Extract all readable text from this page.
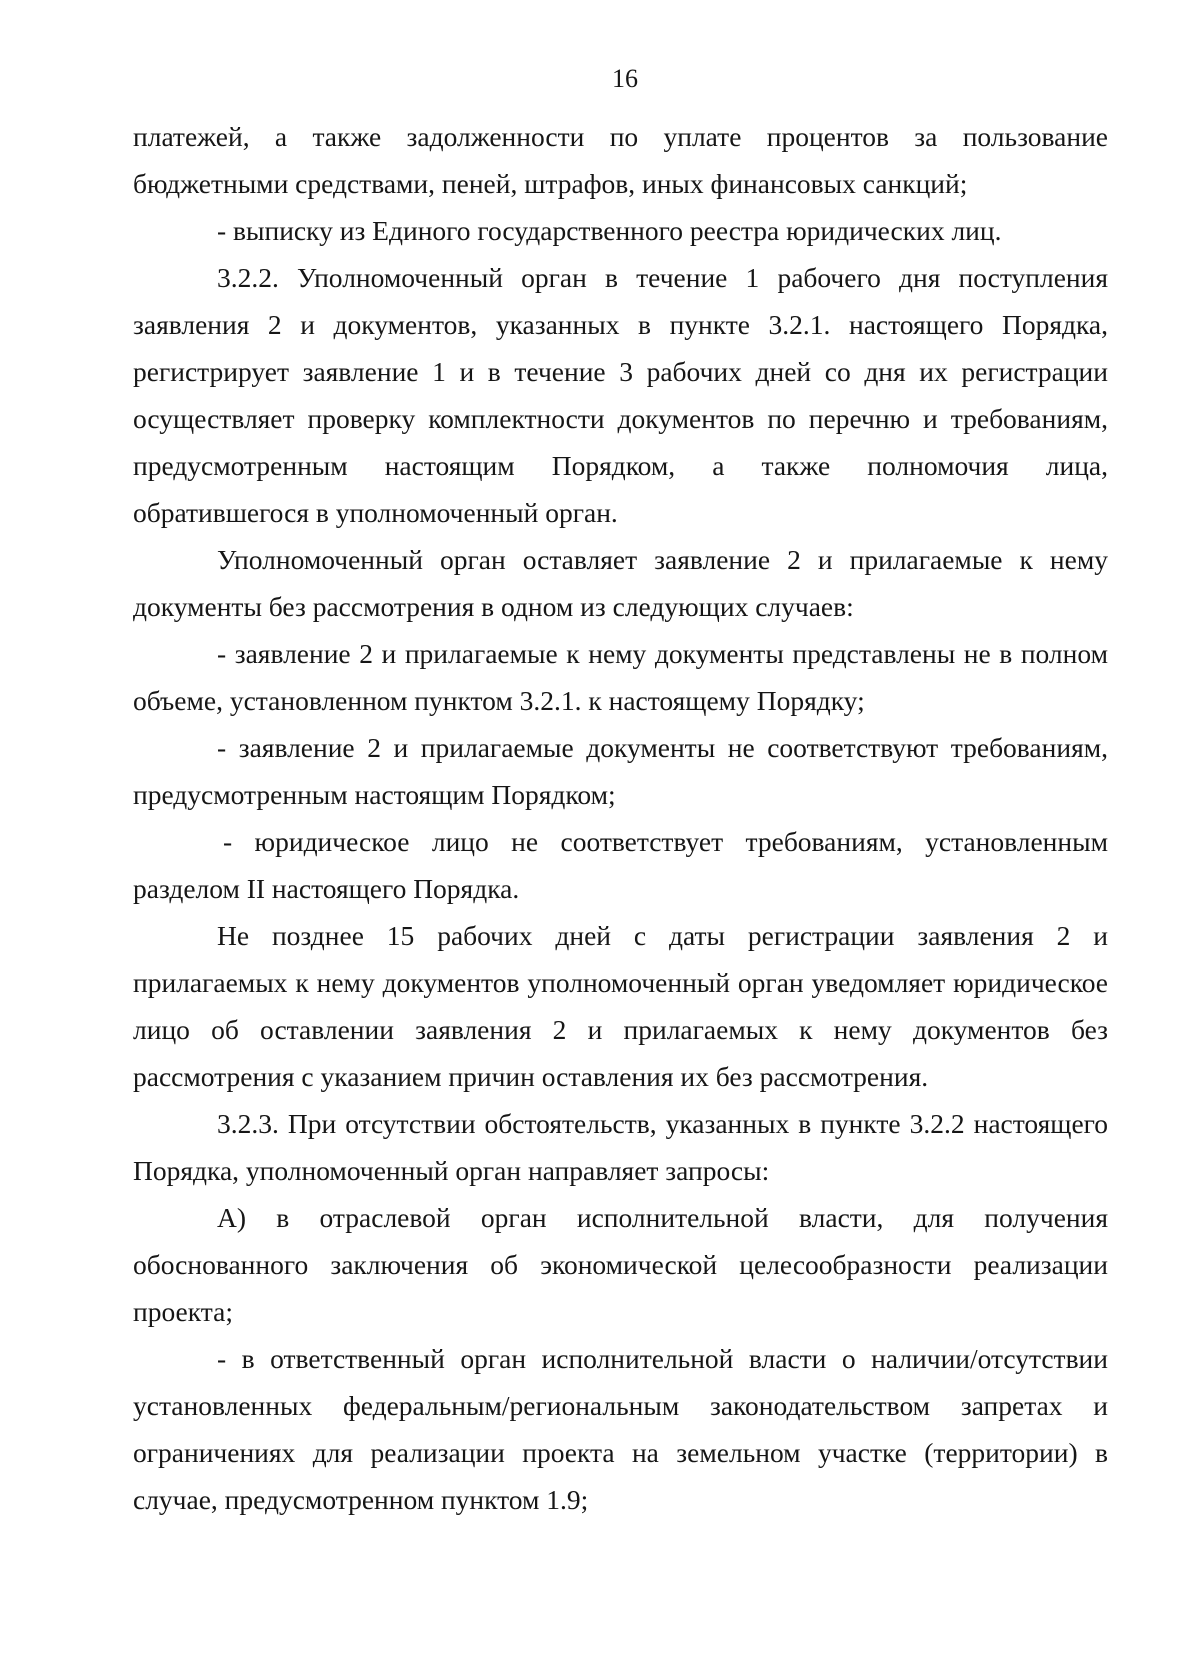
16

платежей, а также задолженности по уплате процентов за пользование бюджетными средствами, пеней, штрафов, иных финансовых санкций;

- выписку из Единого государственного реестра юридических лиц.

3.2.2. Уполномоченный орган в течение 1 рабочего дня поступления заявления 2 и документов, указанных в пункте 3.2.1. настоящего Порядка, регистрирует заявление 1 и в течение 3 рабочих дней со дня их регистрации осуществляет проверку комплектности документов по перечню и требованиям, предусмотренным настоящим Порядком, а также полномочия лица, обратившегося в уполномоченный орган.

Уполномоченный орган оставляет заявление 2 и прилагаемые к нему документы без рассмотрения в одном из следующих случаев:

- заявление 2 и прилагаемые к нему документы представлены не в полном объеме, установленном пунктом 3.2.1. к настоящему Порядку;

- заявление 2 и прилагаемые документы не соответствуют требованиям, предусмотренным настоящим Порядком;

- юридическое лицо не соответствует требованиям, установленным разделом II настоящего Порядка.

Не позднее 15 рабочих дней с даты регистрации заявления 2 и прилагаемых к нему документов уполномоченный орган уведомляет юридическое лицо об оставлении заявления 2 и прилагаемых к нему документов без рассмотрения с указанием причин оставления их без рассмотрения.

3.2.3. При отсутствии обстоятельств, указанных в пункте 3.2.2 настоящего Порядка, уполномоченный орган направляет запросы:

А) в отраслевой орган исполнительной власти, для получения обоснованного заключения об экономической целесообразности реализации проекта;

- в ответственный орган исполнительной власти о наличии/отсутствии установленных федеральным/региональным законодательством запретах и ограничениях для реализации проекта на земельном участке (территории) в случае, предусмотренном пунктом 1.9;
